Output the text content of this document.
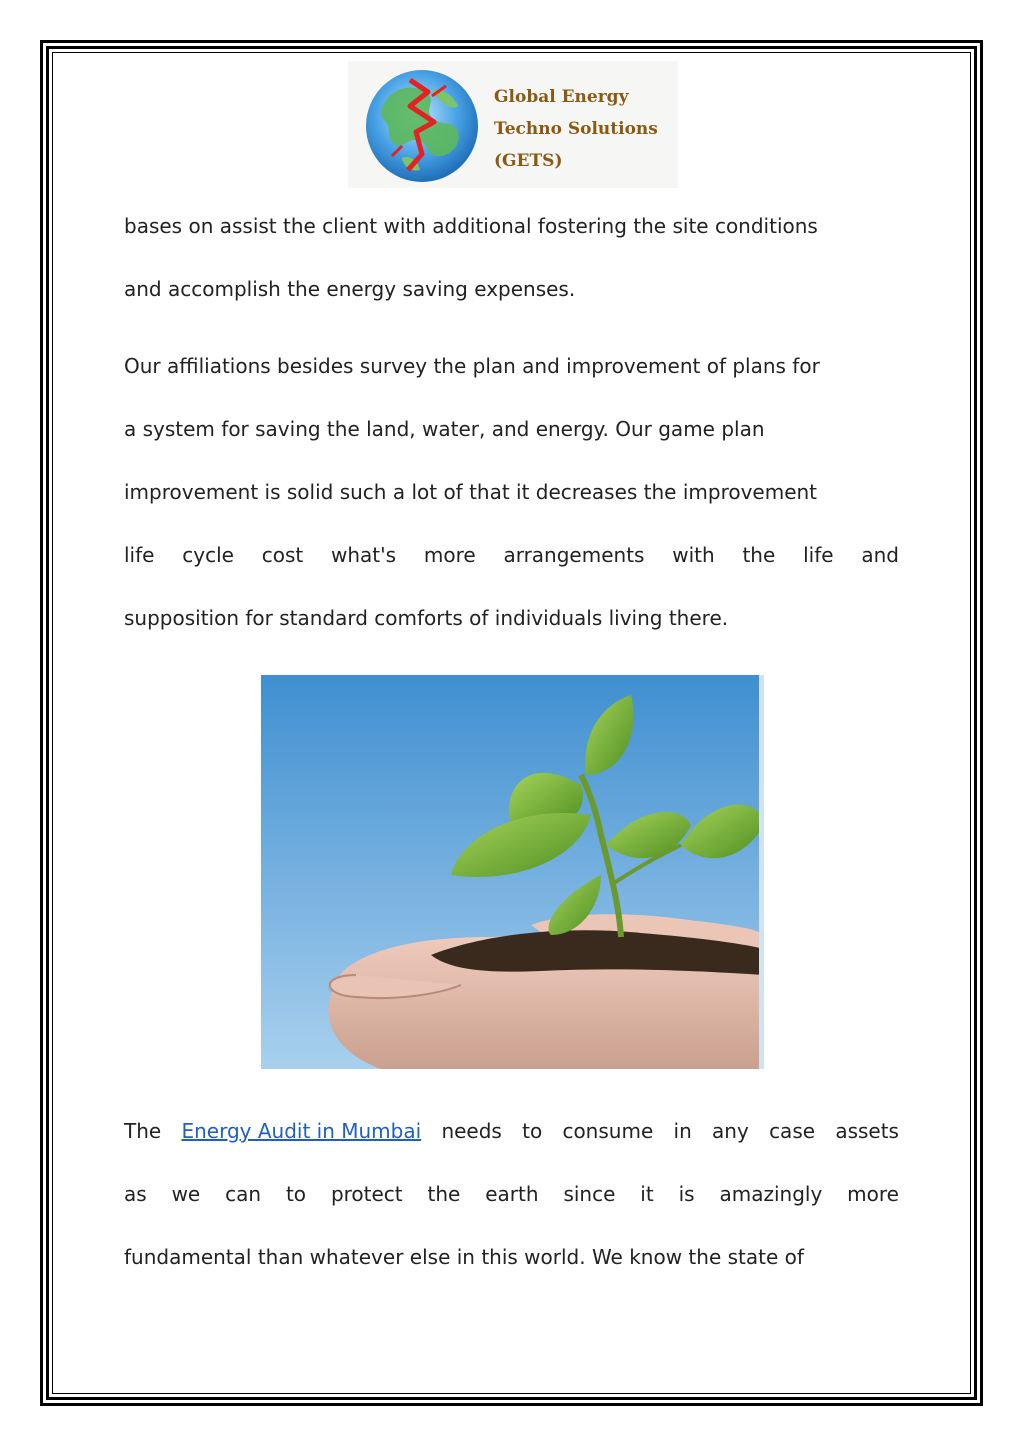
Global Energy
Techno Solutions
(GETS)
bases on assist the client with additional fostering the site conditions
and accomplish the energy saving expenses.
Our affiliations besides survey the plan and improvement of plans for
a system for saving the land, water, and energy. Our game plan
improvement is solid such a lot of that it decreases the improvement
life cycle cost what's more arrangements with the life and
supposition for standard comforts of individuals living there.
The Energy Audit in Mumbai needs to consume in any case assets
as we can to protect the earth since it is amazingly more
fundamental than whatever else in this world. We know the state of
